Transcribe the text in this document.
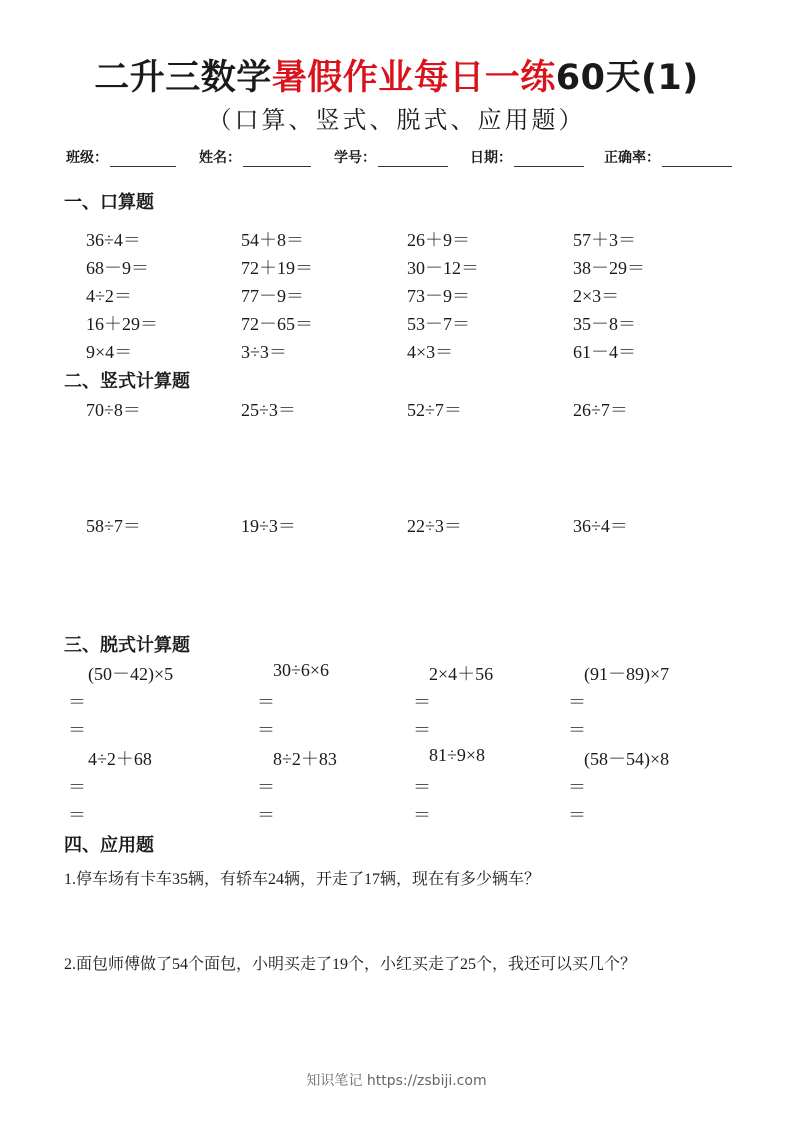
二升三数学暑假作业每日一练60天(1)
（口算、竖式、脱式、应用题）
班级：	姓名：	学号：	日期：	正确率：
一、口算题
36÷4＝	54＋8＝	26＋9＝	57＋3＝
68－9＝	72＋19＝	30－12＝	38－29＝
4÷2＝	77－9＝	73－9＝	2×3＝
16＋29＝	72－65＝	53－7＝	35－8＝
9×4＝	3÷3＝	4×3＝	61－4＝
二、竖式计算题
70÷8＝	25÷3＝	52÷7＝	26÷7＝
58÷7＝	19÷3＝	22÷3＝	36÷4＝
三、脱式计算题
(50－42)×5	30÷6×6	2×4＋56	(91－89)×7
＝	＝	＝	＝
＝	＝	＝	＝
4÷2＋68	8÷2＋83	81÷9×8	(58－54)×8
＝	＝	＝	＝
＝	＝	＝	＝
四、应用题
1.停车场有卡车35辆，有轿车24辆，开走了17辆，现在有多少辆车？
2.面包师傅做了54个面包，小明买走了19个，小红买走了25个，我还可以买几个？
知识笔记 https://zsbiji.com
